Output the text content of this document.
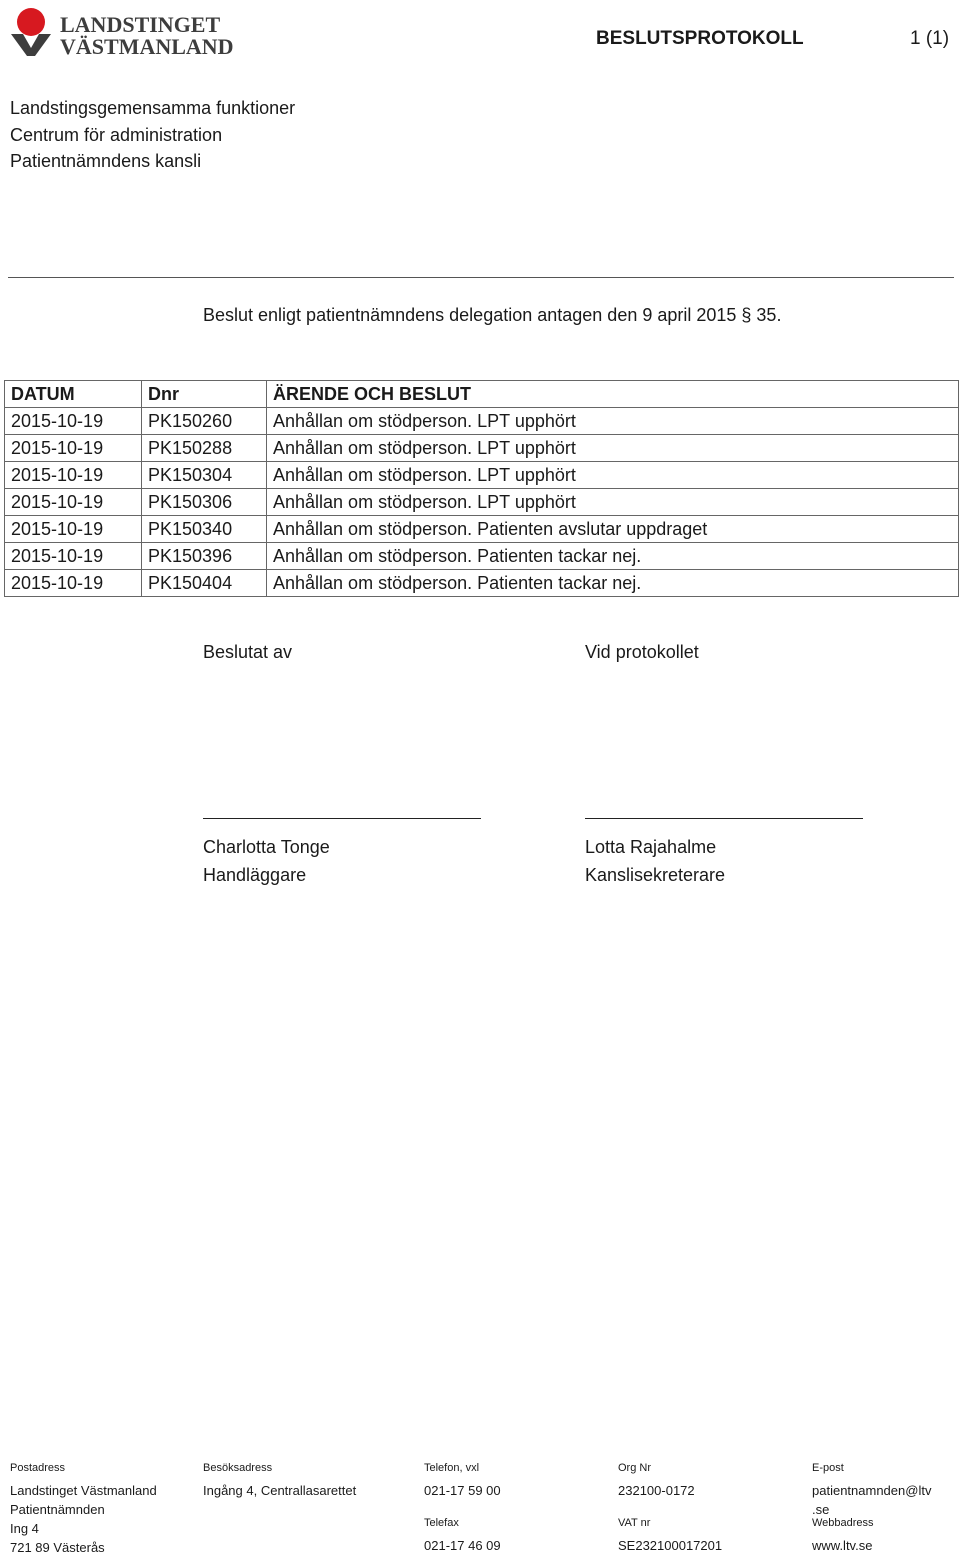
LANDSTINGET
VÄSTMANLAND	BESLUTSPROTOKOLL	1 (1)
Landstingsgemensamma funktioner
Centrum för administration
Patientnämndens kansli
Beslut enligt patientnämndens delegation antagen den 9 april 2015 § 35.
DATUM	Dnr	ÄRENDE OCH BESLUT
2015-10-19	PK150260	Anhållan om stödperson. LPT upphört
2015-10-19	PK150288	Anhållan om stödperson. LPT upphört
2015-10-19	PK150304	Anhållan om stödperson. LPT upphört
2015-10-19	PK150306	Anhållan om stödperson. LPT upphört
2015-10-19	PK150340	Anhållan om stödperson. Patienten avslutar uppdraget
2015-10-19	PK150396	Anhållan om stödperson. Patienten tackar nej.
2015-10-19	PK150404	Anhållan om stödperson. Patienten tackar nej.
Beslutat av	Vid protokollet
Charlotta Tonge
Handläggare
Lotta Rajahalme
Kanslisekreterare
Postadress
Landstinget Västmanland
Patientnämnden
Ing 4
721 89 Västerås
Besöksadress
Ingång 4, Centrallasarettet
Telefon, vxl
021-17 59 00
Telefax
021-17 46 09
Org Nr
232100-0172
VAT nr
SE232100017201
E-post
patientnamnden@ltv
.se
Webbadress
www.ltv.se
